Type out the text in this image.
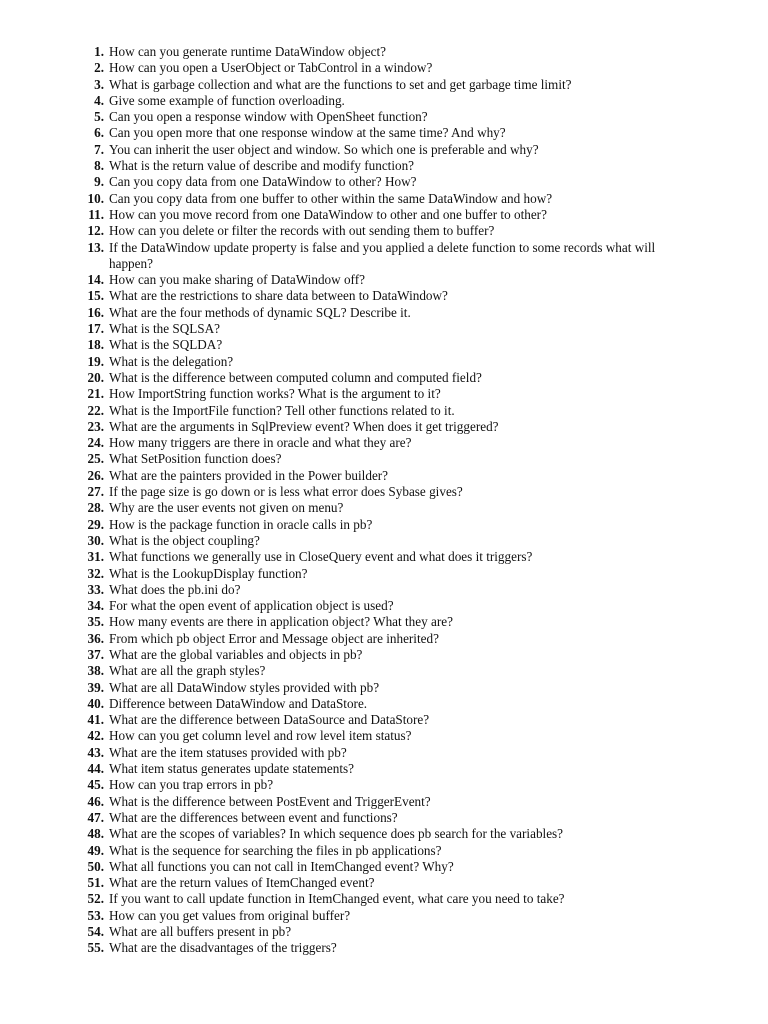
1. How can you generate runtime DataWindow object?
2. How can you open a UserObject or TabControl in a window?
3. What is garbage collection and what are the functions to set and get garbage time limit?
4. Give some example of function overloading.
5. Can you open a response window with OpenSheet function?
6. Can you open more that one response window at the same time? And why?
7. You can inherit the user object and window. So which one is preferable and why?
8. What is the return value of describe and modify function?
9. Can you copy data from one DataWindow to other? How?
10. Can you copy data from one buffer to other within the same DataWindow and how?
11. How can you move record from one DataWindow to other and one buffer to other?
12. How can you delete or filter the records with out sending them to buffer?
13. If the DataWindow update property is false and you applied a delete function to some records what will happen?
14. How can you make sharing of DataWindow off?
15. What are the restrictions to share data between to DataWindow?
16. What are the four methods of dynamic SQL? Describe it.
17. What is the SQLSA?
18. What is the SQLDA?
19. What is the delegation?
20. What is the difference between computed column and computed field?
21. How ImportString function works? What is the argument to it?
22. What is the ImportFile function? Tell other functions related to it.
23. What are the arguments in SqlPreview event? When does it get triggered?
24. How many triggers are there in oracle and what they are?
25. What SetPosition function does?
26. What are the painters provided in the Power builder?
27. If the page size is go down or is less what error does Sybase gives?
28. Why are the user events not given on menu?
29. How is the package function in oracle calls in pb?
30. What is the object coupling?
31. What functions we generally use in CloseQuery event and what does it triggers?
32. What is the LookupDisplay function?
33. What does the pb.ini do?
34. For what the open event of application object is used?
35. How many events are there in application object? What they are?
36. From which pb object Error and Message object are inherited?
37. What are the global variables and objects in pb?
38. What are all the graph styles?
39. What are all DataWindow styles provided with pb?
40. Difference between DataWindow and DataStore.
41. What are the difference between DataSource and DataStore?
42. How can you get column level and row level item status?
43. What are the item statuses provided with pb?
44. What item status generates update statements?
45. How can you trap errors in pb?
46. What is the difference between PostEvent and TriggerEvent?
47. What are the differences between event and functions?
48. What are the scopes of variables? In which sequence does pb search for the variables?
49. What is the sequence for searching the files in pb applications?
50. What all functions you can not call in ItemChanged event? Why?
51. What are the return values of ItemChanged event?
52. If you want to call update function in ItemChanged event, what care you need to take?
53. How can you get values from original buffer?
54. What are all buffers present in pb?
55. What are the disadvantages of the triggers?
